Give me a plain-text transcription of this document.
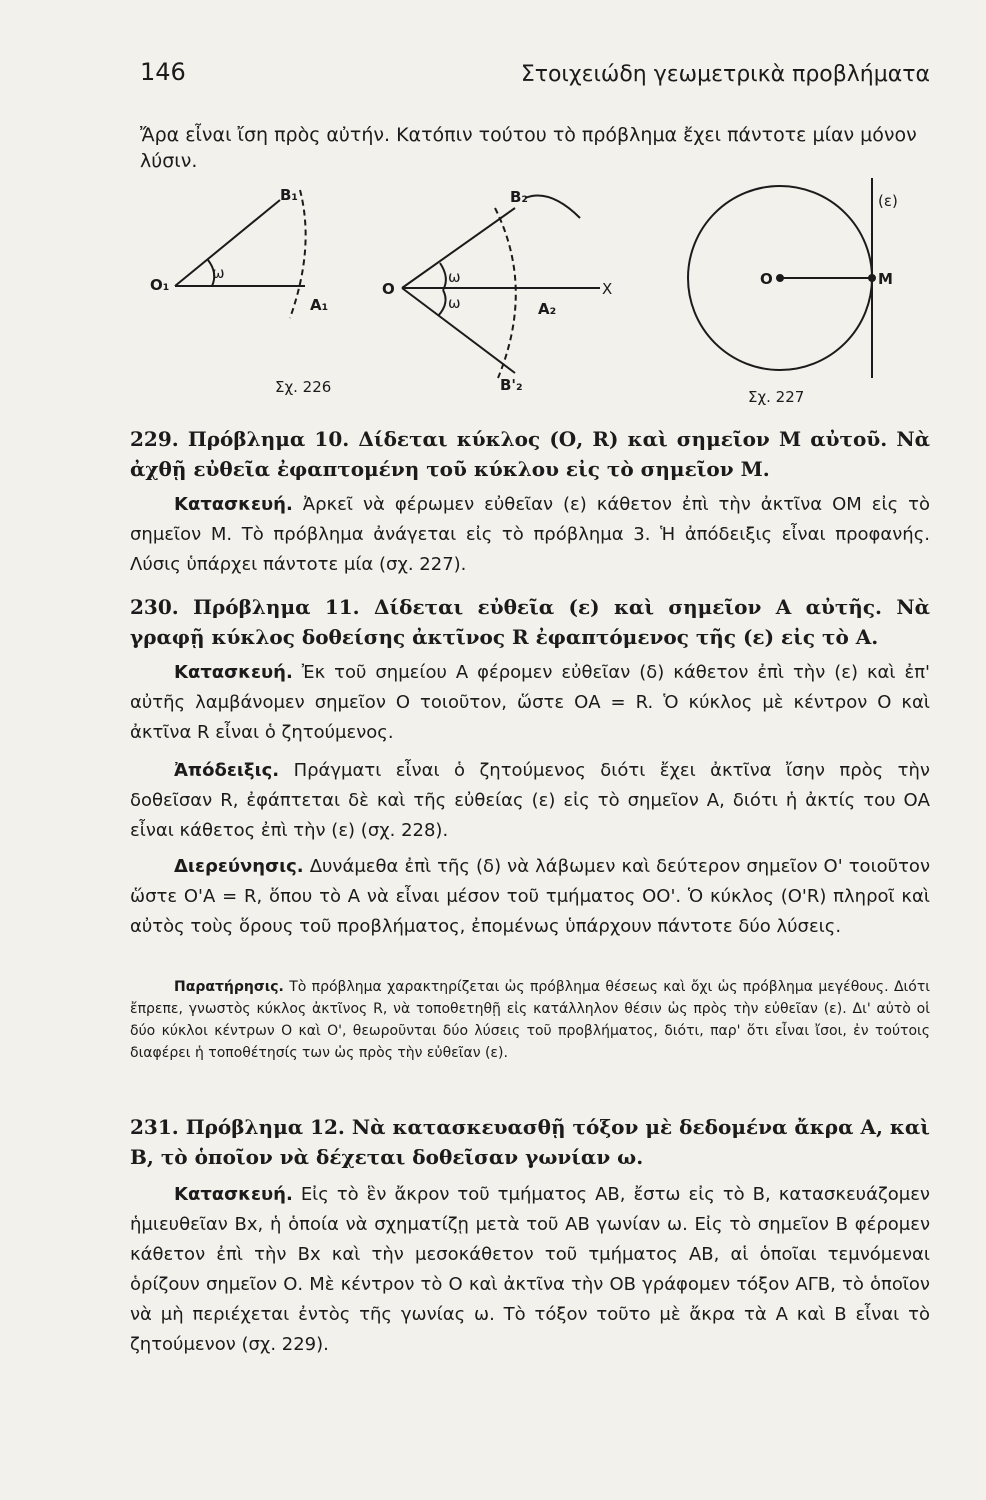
146	Στοιχειώδη γεωμετρικὰ προβλήματα
Ἄρα εἶναι ἴση πρὸς αὐτήν. Κατόπιν τούτου τὸ πρόβλημα ἔχει πάντοτε μίαν μόνον λύσιν.
Σχ. 226
Σχ. 227
Β₁
Ο₁
Α₁
Β₂
Ο
Α₂
Χ
Β'₂
ω	ω
ω
(ε)
Ο	Μ
229. Πρόβλημα 10. Δίδεται κύκλος (Ο, R) καὶ σημεῖον Μ αὐτοῦ. Νὰ ἀχθῇ εὐθεῖα ἐφαπτομένη τοῦ κύκλου εἰς τὸ σημεῖον Μ.
Κατασκευή. Ἀρκεῖ νὰ φέρωμεν εὐθεῖαν (ε) κάθετον ἐπὶ τὴν ἀκτῖνα ΟΜ εἰς τὸ σημεῖον Μ. Τὸ πρόβλημα ἀνάγεται εἰς τὸ πρόβλημα 3. Ἡ ἀπόδειξις εἶναι προφανής. Λύσις ὑπάρχει πάντοτε μία (σχ. 227).
230. Πρόβλημα 11. Δίδεται εὐθεῖα (ε) καὶ σημεῖον Α αὐτῆς. Νὰ γραφῇ κύκλος δοθείσης ἀκτῖνος R ἐφαπτόμενος τῆς (ε) εἰς τὸ Α.
Κατασκευή. Ἐκ τοῦ σημείου Α φέρομεν εὐθεῖαν (δ) κάθετον ἐπὶ τὴν (ε) καὶ ἐπ' αὐτῆς λαμβάνομεν σημεῖον Ο τοιοῦτον, ὥστε ΟΑ = R. Ὁ κύκλος μὲ κέντρον Ο καὶ ἀκτῖνα R εἶναι ὁ ζητούμενος.
Ἀπόδειξις. Πράγματι εἶναι ὁ ζητούμενος διότι ἔχει ἀκτῖνα ἴσην πρὸς τὴν δοθεῖσαν R, ἐφάπτεται δὲ καὶ τῆς εὐθείας (ε) εἰς τὸ σημεῖον Α, διότι ἡ ἀκτίς του ΟΑ εἶναι κάθετος ἐπὶ τὴν (ε) (σχ. 228).
Διερεύνησις. Δυνάμεθα ἐπὶ τῆς (δ) νὰ λάβωμεν καὶ δεύτερον σημεῖον Ο' τοιοῦτον ὥστε Ο'Α = R, ὅπου τὸ Α νὰ εἶναι μέσον τοῦ τμήματος ΟΟ'. Ὁ κύκλος (Ο'R) πληροῖ καὶ αὐτὸς τοὺς ὅρους τοῦ προβλήματος, ἐπομένως ὑπάρχουν πάντοτε δύο λύσεις.
Παρατήρησις. Τὸ πρόβλημα χαρακτηρίζεται ὡς πρόβλημα θέσεως καὶ ὄχι ὡς πρόβλημα μεγέθους. Διότι ἔπρεπε, γνωστὸς κύκλος ἀκτῖνος R, νὰ τοποθετηθῇ εἰς κατάλληλον θέσιν ὡς πρὸς τὴν εὐθεῖαν (ε). Δι' αὐτὸ οἱ δύο κύκλοι κέντρων Ο καὶ Ο', θεωροῦνται δύο λύσεις τοῦ προβλήματος, διότι, παρ' ὅτι εἶναι ἴσοι, ἐν τούτοις διαφέρει ἡ τοποθέτησίς των ὡς πρὸς τὴν εὐθεῖαν (ε).
231. Πρόβλημα 12. Νὰ κατασκευασθῇ τόξον μὲ δεδομένα ἄκρα Α, καὶ Β, τὸ ὁποῖον νὰ δέχεται δοθεῖσαν γωνίαν ω.
Κατασκευή. Εἰς τὸ ἓν ἄκρον τοῦ τμήματος ΑΒ, ἔστω εἰς τὸ Β, κατασκευάζομεν ἡμιευθεῖαν Βx, ἡ ὁποία νὰ σχηματίζῃ μετὰ τοῦ ΑΒ γωνίαν ω. Εἰς τὸ σημεῖον Β φέρομεν κάθετον ἐπὶ τὴν Βx καὶ τὴν μεσοκάθετον τοῦ τμήματος ΑΒ, αἱ ὁποῖαι τεμνόμεναι ὁρίζουν σημεῖον Ο. Μὲ κέντρον τὸ Ο καὶ ἀκτῖνα τὴν ΟΒ γράφομεν τόξον ΑΓΒ, τὸ ὁποῖον νὰ μὴ περιέχεται ἐντὸς τῆς γωνίας ω. Τὸ τόξον τοῦτο μὲ ἄκρα τὰ Α καὶ Β εἶναι τὸ ζητούμενον (σχ. 229).
